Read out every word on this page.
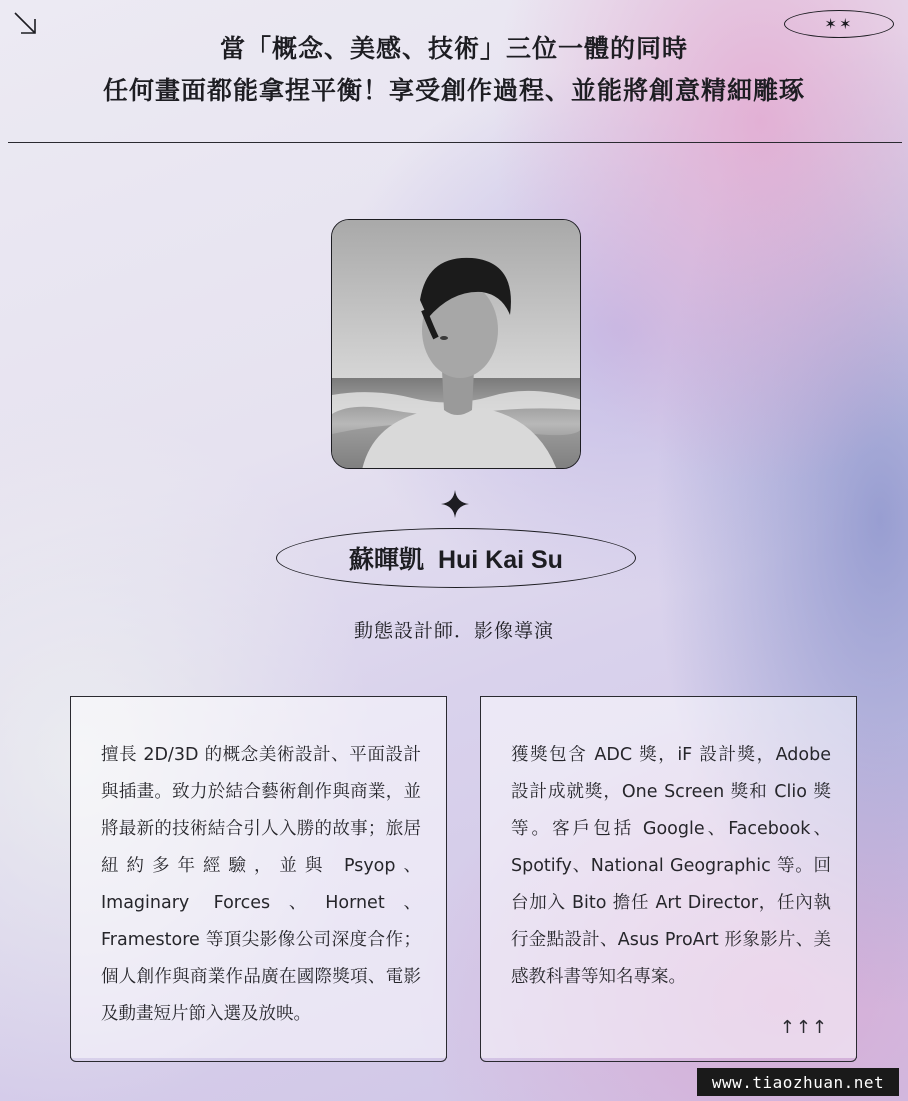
✶✶
當「概念、美感、技術」三位一體的同時
任何畫面都能拿捏平衡！享受創作過程、並能將創意精細雕琢
蘇暉凱  Hui Kai Su
動態設計師．影像導演
擅長 2D/3D 的概念美術設計、平面設計與插畫。致力於結合藝術創作與商業，並將最新的技術結合引人入勝的故事；旅居紐約多年經驗，並與 Psyop、Imaginary Forces、Hornet、Framestore 等頂尖影像公司深度合作；個人創作與商業作品廣在國際獎項、電影及動畫短片節入選及放映。
獲獎包含 ADC 獎，iF 設計獎，Adobe 設計成就獎，One Screen 獎和 Clio 獎等。客戶包括 Google、Facebook、Spotify、National Geographic 等。回台加入 Bito 擔任 Art Director，任內執行金點設計、Asus ProArt 形象影片、美感教科書等知名專案。
↑↑↑
www.tiaozhuan.net
